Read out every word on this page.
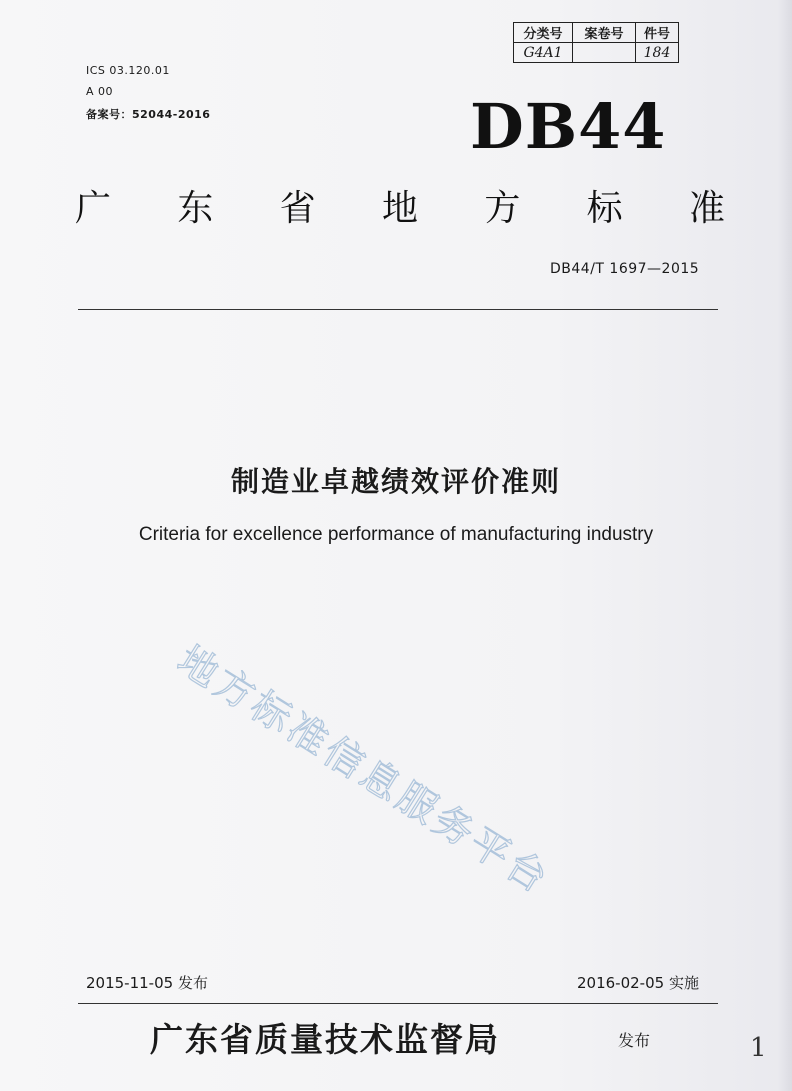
分类号	案卷号	件号
G4A1		184
ICS 03.120.01
A 00
备案号：52044-2016	DB44
广 东 省 地 方 标 准
DB44/T 1697—2015
制造业卓越绩效评价准则
Criteria for excellence performance of manufacturing industry
地方标准信息服务平台
2015-11-05 发布	2016-02-05 实施
广东省质量技术监督局	发布	1
